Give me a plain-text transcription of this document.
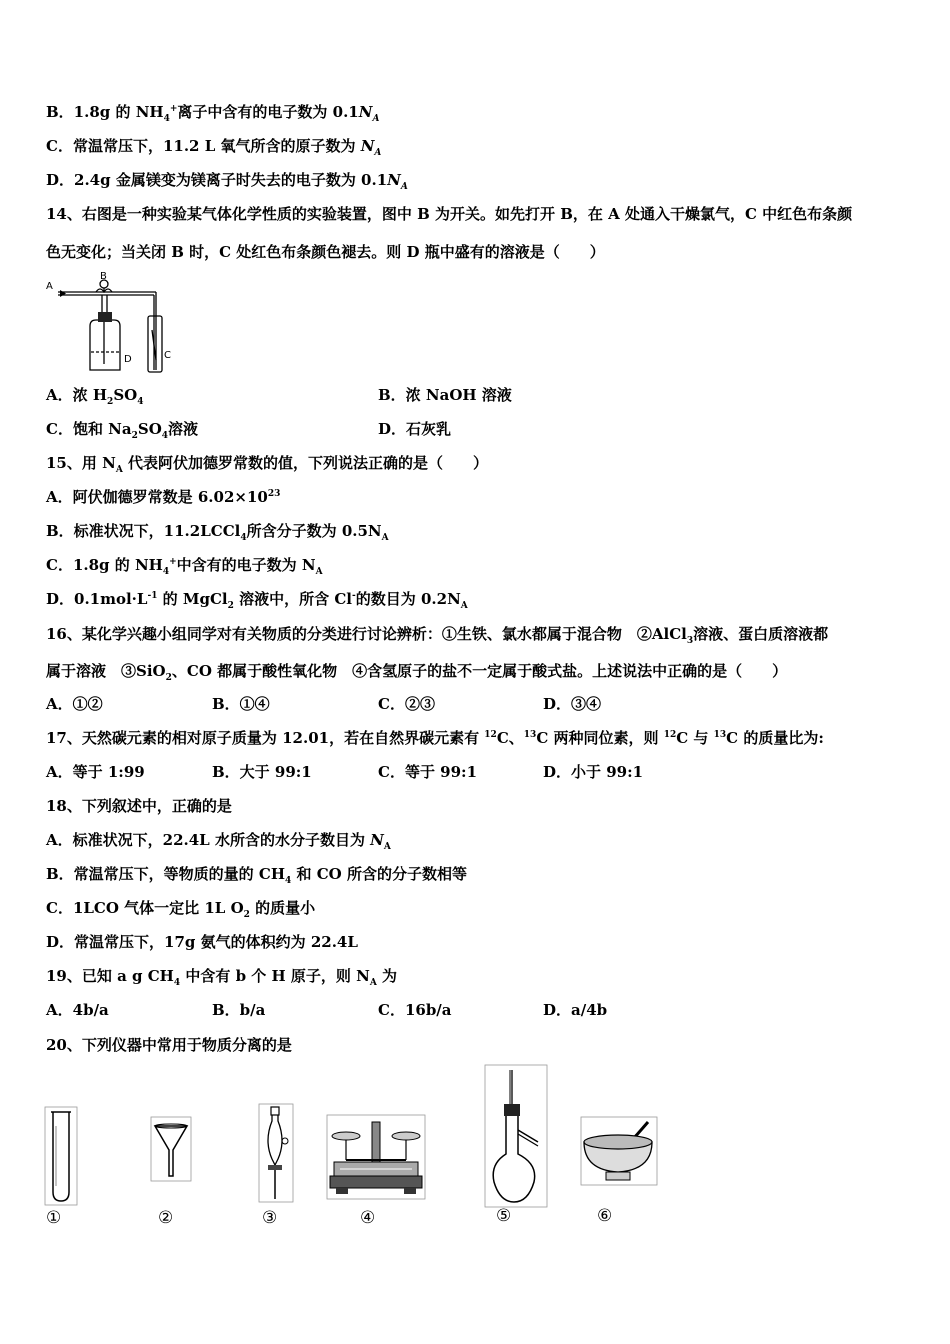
B．1.8g 的 $NH_4^+$离子中含有的电子数为 $0.1N_A$
C．常温常压下，11.2 L 氧气所含的原子数为 $N_A$
D．2.4g 金属镁变为镁离子时失去的电子数为 $0.1N_A$
14、右图是一种实验某气体化学性质的实验装置，图中 B 为开关。如先打开 B，在 A 处通入干燥氯气，C 中红色布条颜
色无变化；当关闭 B 时，C 处红色布条颜色褪去。则 D 瓶中盛有的溶液是（　　）
A
B
C
D
A．浓 $H_2SO_4$	B．浓 NaOH 溶液
C．饱和 $Na_2SO_4$溶液	D．石灰乳
15、用 $N_A$ 代表阿伏加德罗常数的值，下列说法正确的是（　　）
A．阿伏伽德罗常数是 $6.02\times 10^{23}$
B．标准状况下，11.2LCCl$_4$所含分子数为 $0.5N_A$
C．1.8g 的 $NH_4^+$中含有的电子数为 $N_A$
D．$0.1mol\cdot L^{-1}$ 的 MgCl$_2$ 溶液中，所含 Cl-的数目为 $0.2N_A$
16、某化学兴趣小组同学对有关物质的分类进行讨论辨析：①生铁、氯水都属于混合物　②AlCl$_3$溶液、蛋白质溶液都
属于溶液　③SiO$_2$、CO 都属于酸性氧化物　④含氢原子的盐不一定属于酸式盐。上述说法中正确的是（　　）
A．①②	B．①④	C．②③	D．③④
17、天然碳元素的相对原子质量为 12.01，若在自然界碳元素有 $^{12}$C、$^{13}$C 两种同位素，则 $^{12}$C 与 $^{13}$C 的质量比为:
A．等于 1:99	B．大于 99:1	C．等于 99:1	D．小于 99:1
18、下列叙述中，正确的是
A．标准状况下，22.4L 水所含的水分子数目为 $N_A$
B．常温常压下，等物质的量的 $CH_4$ 和 CO 所含的分子数相等
C．1LCO 气体一定比 1L $O_2$ 的质量小
D．常温常压下，17g 氨气的体积约为 22.4L
19、已知 a g $CH_4$ 中含有 b 个 H 原子，则 $N_A$ 为
A．4b/a	B．b/a	C．16b/a	D．a/4b
20、下列仪器中常用于物质分离的是
①	②	③	④	⑤	⑥
